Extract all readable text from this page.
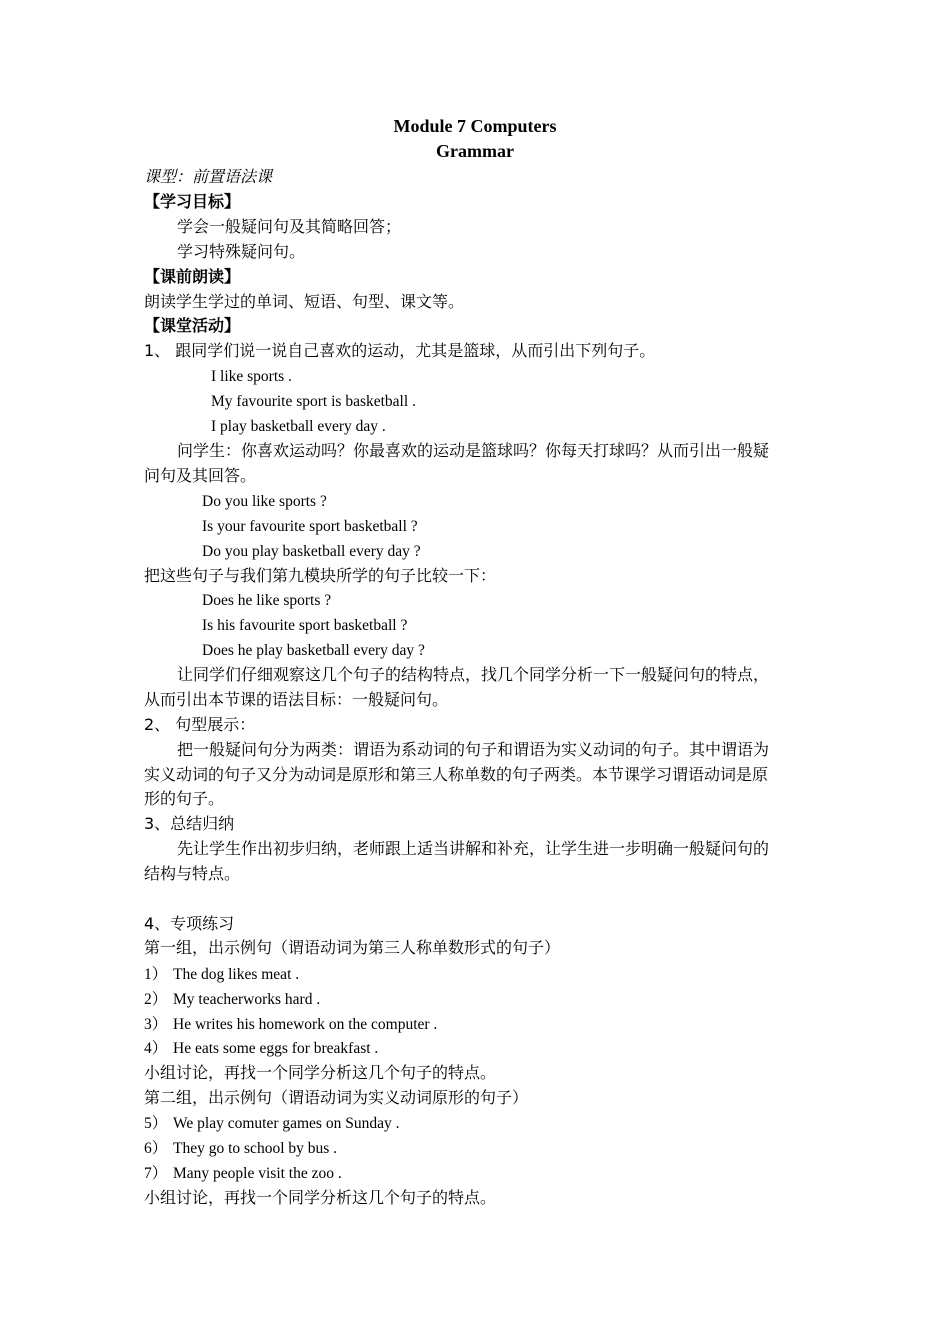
Module 7 Computers
Grammar
课型：前置语法课
【学习目标】
学会一般疑问句及其简略回答；
学习特殊疑问句。
【课前朗读】
朗读学生学过的单词、短语、句型、课文等。
【课堂活动】
1、 跟同学们说一说自己喜欢的运动，尤其是篮球，从而引出下列句子。
I like sports .
My favourite sport is basketball .
I play basketball every day .
问学生：你喜欢运动吗？你最喜欢的运动是篮球吗？你每天打球吗？从而引出一般疑
问句及其回答。
Do you like sports ?
Is your favourite sport basketball ?
Do you play basketball every day ?
把这些句子与我们第九模块所学的句子比较一下：
Does he like sports ?
Is his favourite sport basketball ?
Does he play basketball every day ?
让同学们仔细观察这几个句子的结构特点，找几个同学分析一下一般疑问句的特点，
从而引出本节课的语法目标：一般疑问句。
2、 句型展示：
把一般疑问句分为两类：谓语为系动词的句子和谓语为实义动词的句子。其中谓语为
实义动词的句子又分为动词是原形和第三人称单数的句子两类。本节课学习谓语动词是原
形的句子。
3、总结归纳
先让学生作出初步归纳，老师跟上适当讲解和补充，让学生进一步明确一般疑问句的
结构与特点。
4、专项练习
第一组，出示例句（谓语动词为第三人称单数形式的句子）
1） The dog likes meat .
2） My teacherworks hard .
3） He writes his homework on the computer .
4） He eats some eggs for breakfast .
小组讨论，再找一个同学分析这几个句子的特点。
第二组，出示例句（谓语动词为实义动词原形的句子）
5） We play comuter games on Sunday .
6） They go to school by bus .
7） Many people visit the zoo .
小组讨论，再找一个同学分析这几个句子的特点。
